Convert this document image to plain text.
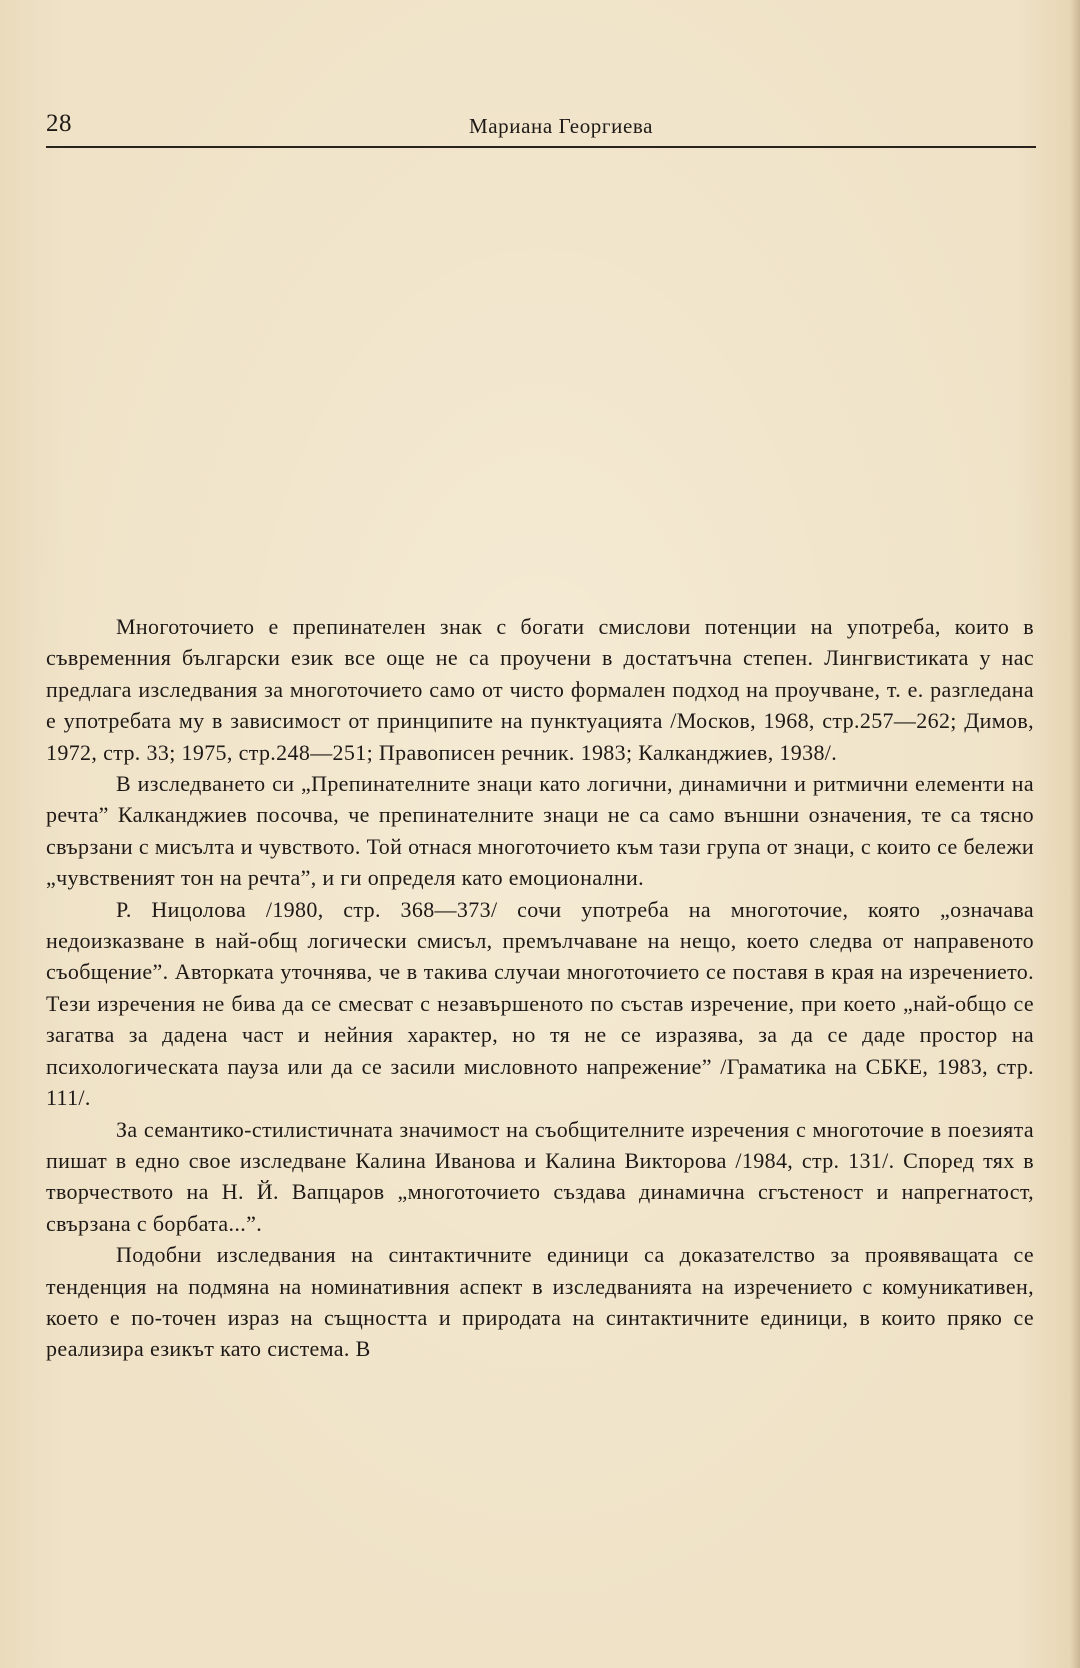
28	Мариана Георгиева

Многоточието е препинателен знак с богати смислови потенции на употреба, които в съвременния български език все още не са проучени в достатъчна степен. Лингвистиката у нас предлага изследвания за многоточието само от чисто формален подход на проучване, т. е. разгледана е употребата му в зависимост от принципите на пунктуацията /Москов, 1968, стр.257—262; Димов, 1972, стр. 33; 1975, стр.248—251; Правописен речник. 1983; Калканджиев, 1938/.

В изследването си „Препинателните знаци като логични, динамични и ритмични елементи на речта” Калканджиев посочва, че препинателните знаци не са само външни означения, те са тясно свързани с мисълта и чувството. Той отнася многоточието към тази група от знаци, с които се бележи „чувственият тон на речта”, и ги определя като емоционални.

Р. Ницолова /1980, стр. 368—373/ сочи употреба на многоточие, която „означава недоизказване в най-общ логически смисъл, премълчаване на нещо, което следва от направеното съобщение”. Авторката уточнява, че в такива случаи многоточието се поставя в края на изречението. Тези изречения не бива да се смесват с незавършеното по състав изречение, при което „най-общо се загатва за дадена част и нейния характер, но тя не се изразява, за да се даде простор на психологическата пауза или да се засили мисловното напрежение” /Граматика на СБКЕ, 1983, стр. 111/.

За семантико-стилистичната значимост на съобщителните изречения с многоточие в поезията пишат в едно свое изследване Калина Иванова и Калина Викторова /1984, стр. 131/. Според тях в творчеството на Н. Й. Вапцаров „многоточието създава динамична сгъстеност и напрегнатост, свързана с борбата...”.

Подобни изследвания на синтактичните единици са доказателство за проявяващата се тенденция на подмяна на номинативния аспект в изследванията на изречението с комуникативен, което е по-точен израз на същността и природата на синтактичните единици, в които пряко се реализира езикът като система. В
